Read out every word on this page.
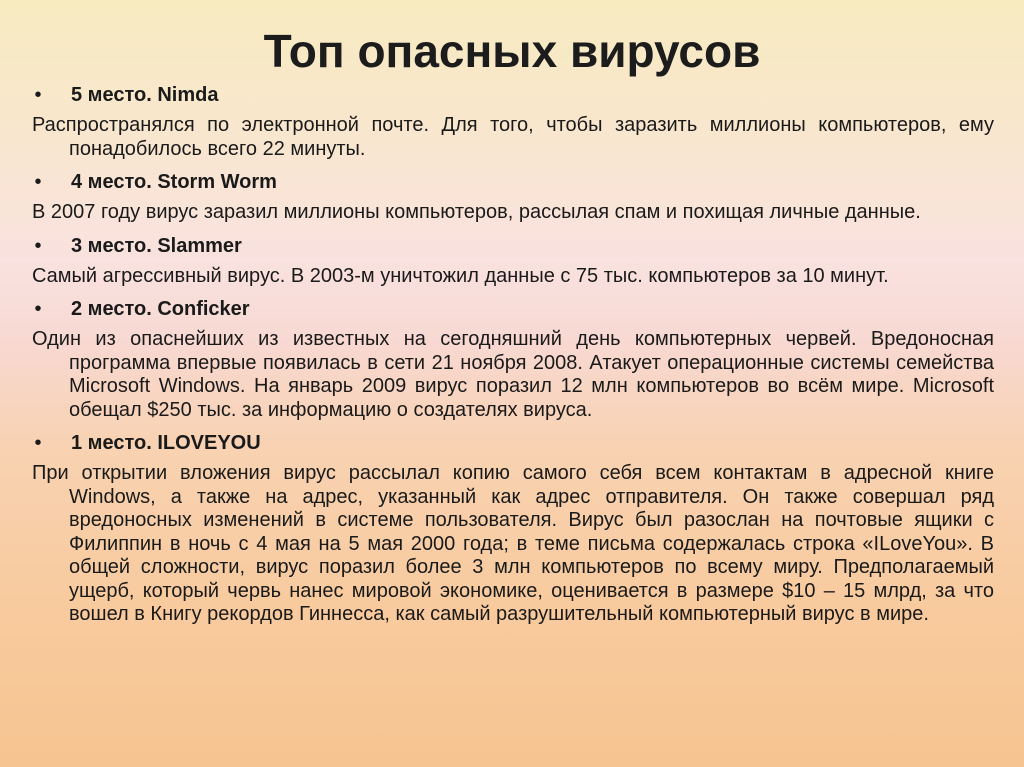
Топ опасных вирусов
• 5 место. Nimda

Распространялся по электронной почте. Для того, чтобы заразить миллионы компьютеров, ему понадобилось всего 22 минуты.

• 4 место. Storm Worm

В 2007 году вирус заразил миллионы компьютеров, рассылая спам и похищая личные данные.

• 3 место. Slammer

Самый агрессивный вирус. В 2003-м уничтожил данные с 75 тыс. компьютеров за 10 минут.

• 2 место. Conficker

Один из опаснейших из известных на сегодняшний день компьютерных червей. Вредоносная программа впервые появилась в сети 21 ноября 2008. Атакует операционные системы семейства Microsoft Windows. На январь 2009 вирус поразил 12 млн компьютеров во всём мире. Microsoft обещал $250 тыс. за информацию о создателях вируса.

• 1 место. ILOVEYOU

При открытии вложения вирус рассылал копию самого себя всем контактам в адресной книге Windows, а также на адрес, указанный как адрес отправителя. Он также совершал ряд вредоносных изменений в системе пользователя. Вирус был разослан на почтовые ящики с Филиппин в ночь с 4 мая на 5 мая 2000 года; в теме письма содержалась строка «ILoveYou». В общей сложности, вирус поразил более 3 млн компьютеров по всему миру. Предполагаемый ущерб, который червь нанес мировой экономике, оценивается в размере $10 – 15 млрд, за что вошел в Книгу рекордов Гиннесса, как самый разрушительный компьютерный вирус в мире.
